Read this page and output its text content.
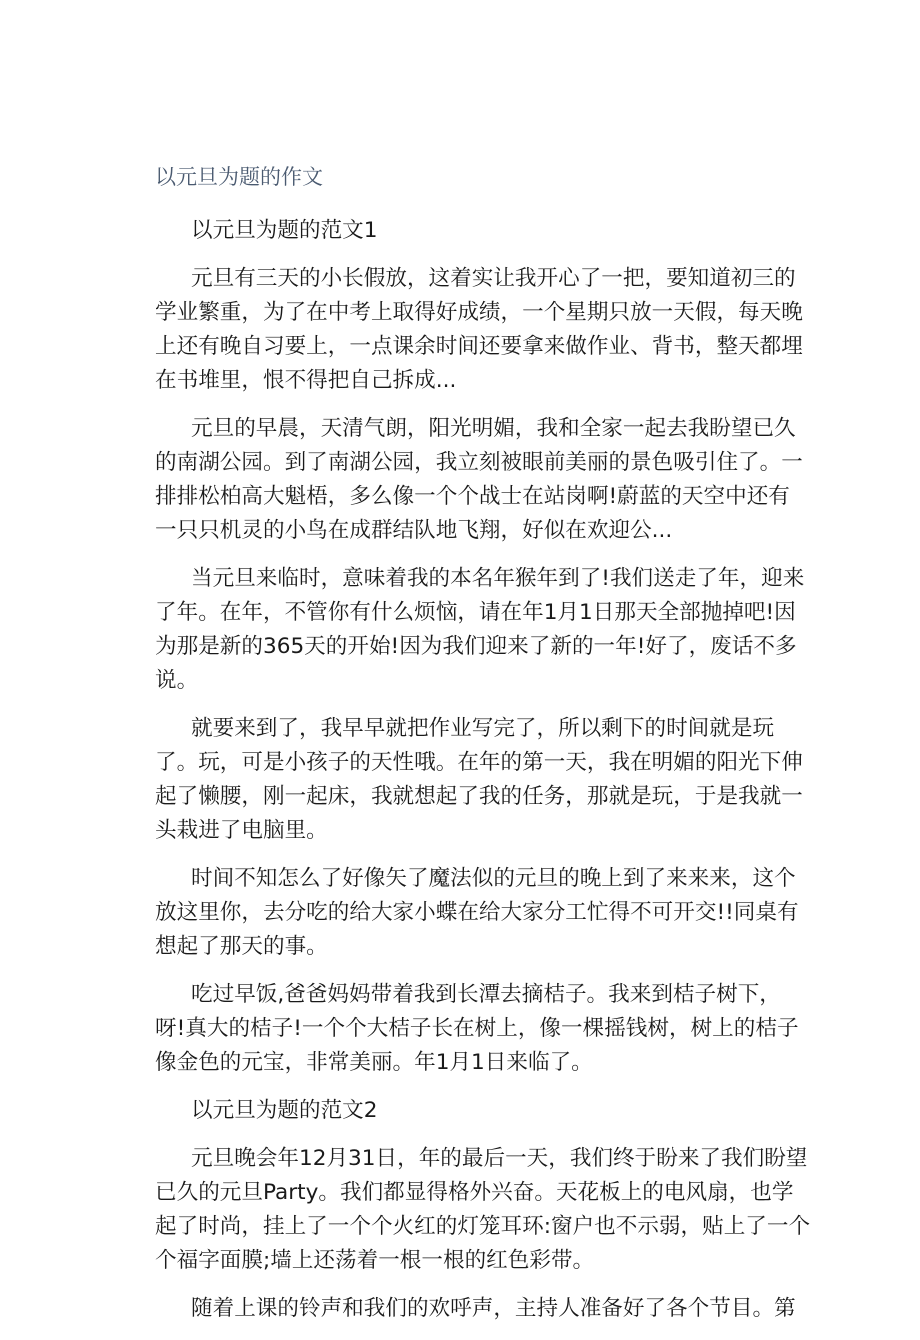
以元旦为题的作文

以元旦为题的范文1

元旦有三天的小长假放，这着实让我开心了一把，要知道初三的
学业繁重，为了在中考上取得好成绩，一个星期只放一天假，每天晚
上还有晚自习要上，一点课余时间还要拿来做作业、背书，整天都埋
在书堆里，恨不得把自己拆成...

元旦的早晨，天清气朗，阳光明媚，我和全家一起去我盼望已久
的南湖公园。到了南湖公园，我立刻被眼前美丽的景色吸引住了。一
排排松柏高大魁梧，多么像一个个战士在站岗啊!蔚蓝的天空中还有
一只只机灵的小鸟在成群结队地飞翔，好似在欢迎公...

当元旦来临时，意味着我的本名年猴年到了!我们送走了年，迎来
了年。在年，不管你有什么烦恼，请在年1月1日那天全部抛掉吧!因
为那是新的365天的开始!因为我们迎来了新的一年!好了，废话不多
说。

就要来到了，我早早就把作业写完了，所以剩下的时间就是玩
了。玩，可是小孩子的天性哦。在年的第一天，我在明媚的阳光下伸
起了懒腰，刚一起床，我就想起了我的任务，那就是玩，于是我就一
头栽进了电脑里。

时间不知怎么了好像矢了魔法似的元旦的晚上到了来来来，这个
放这里你，去分吃的给大家小蝶在给大家分工忙得不可开交!!同桌有
想起了那天的事。

吃过早饭,爸爸妈妈带着我到长潭去摘桔子。我来到桔子树下，
呀!真大的桔子!一个个大桔子长在树上，像一棵摇钱树，树上的桔子
像金色的元宝，非常美丽。年1月1日来临了。

以元旦为题的范文2

元旦晚会年12月31日，年的最后一天，我们终于盼来了我们盼望
已久的元旦Party。我们都显得格外兴奋。天花板上的电风扇，也学
起了时尚，挂上了一个个火红的灯笼耳环:窗户也不示弱，贴上了一个
个福字面膜;墙上还荡着一根一根的红色彩带。

随着上课的铃声和我们的欢呼声，主持人准备好了各个节目。第
